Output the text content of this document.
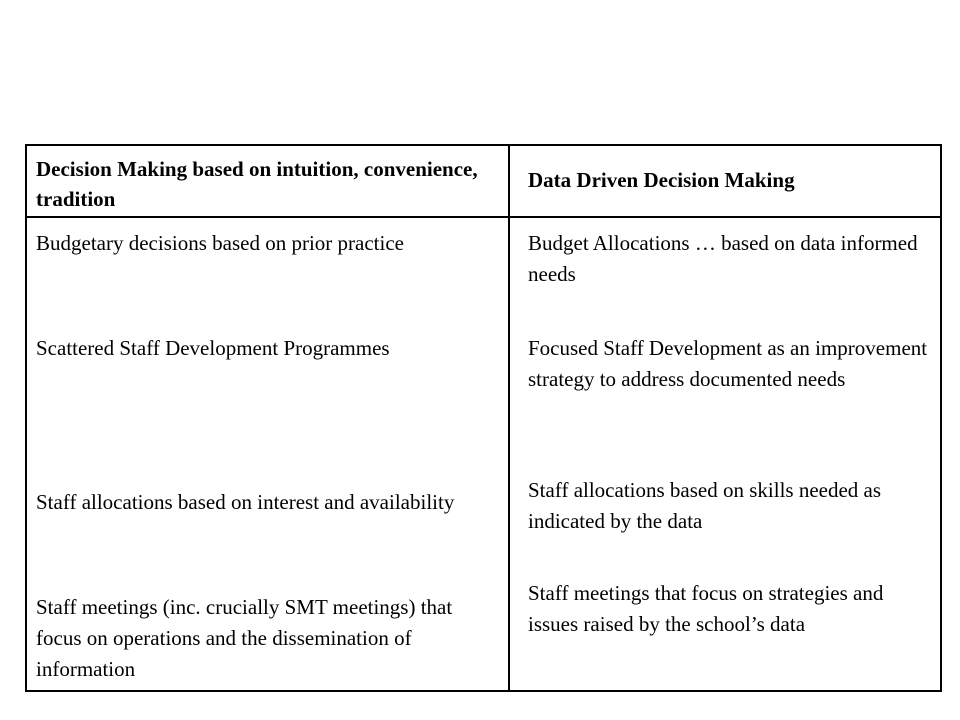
Decision Making based on intuition, convenience, tradition
Data Driven Decision Making
Budgetary decisions based on prior practice
Scattered Staff Development Programmes
Staff allocations based on interest and availability
Staff meetings (inc. crucially SMT meetings) that focus on operations and the dissemination of information
Budget Allocations … based on data informed needs
Focused Staff Development as an improvement strategy to address documented needs
Staff allocations based on skills needed as indicated by the data
Staff meetings that focus on strategies and issues raised by the school’s data
